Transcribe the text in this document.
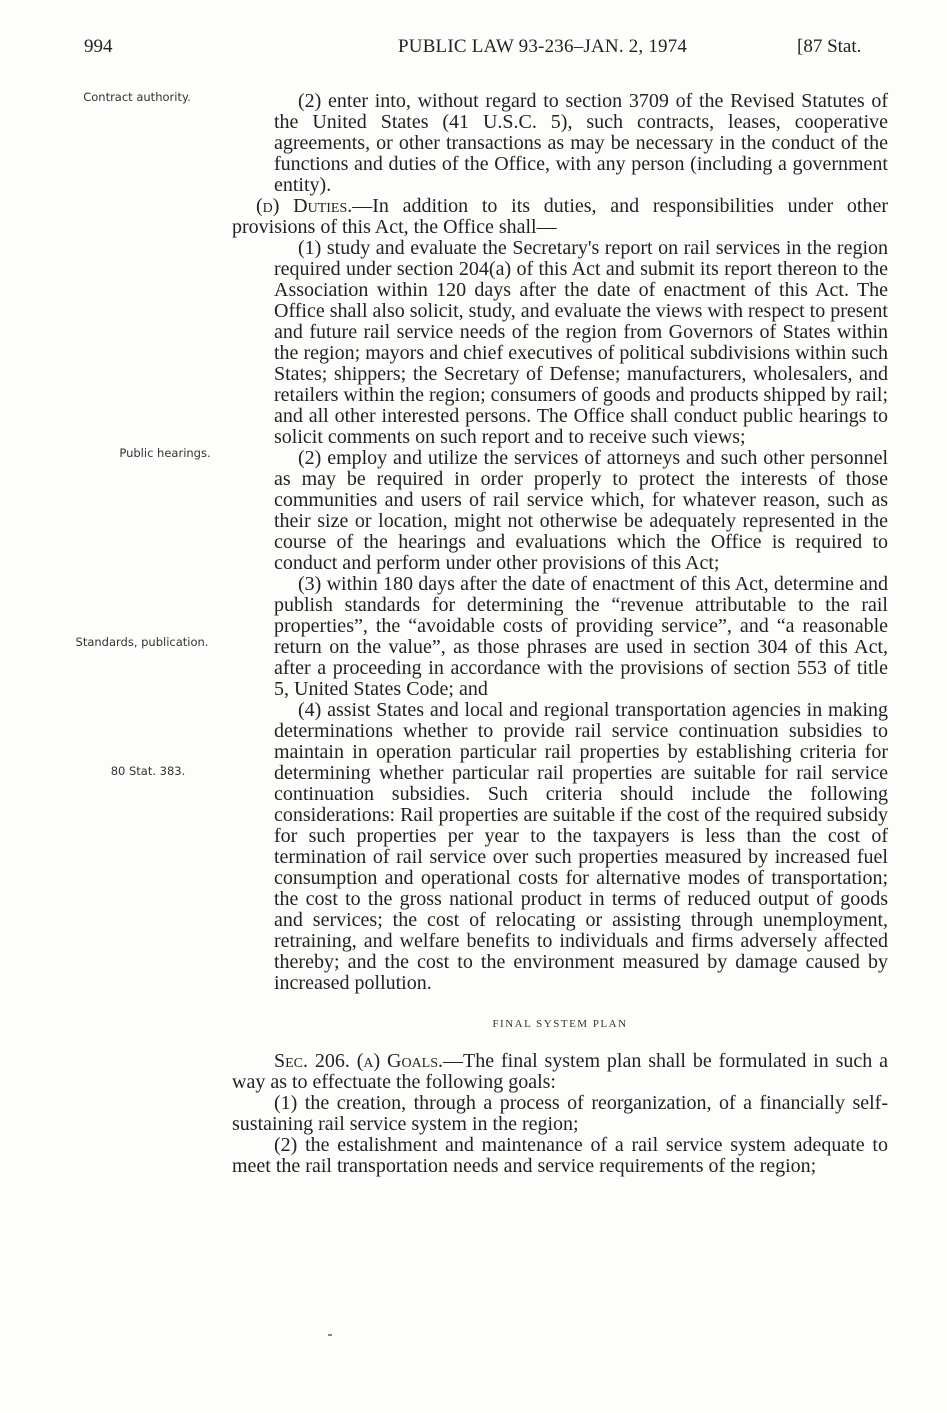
994	PUBLIC LAW 93-236–JAN. 2, 1974	[87 Stat.
Contract authority.
Public hearings.
Standards, publication.
80 Stat. 383.

(2) enter into, without regard to section 3709 of the Revised Statutes of the United States (41 U.S.C. 5), such contracts, leases, cooperative agreements, or other transactions as may be necessary in the conduct of the functions and duties of the Office, with any person (including a government entity).

(d) Duties.—In addition to its duties, and responsibilities under other provisions of this Act, the Office shall—

(1) study and evaluate the Secretary's report on rail services in the region required under section 204(a) of this Act and submit its report thereon to the Association within 120 days after the date of enactment of this Act. The Office shall also solicit, study, and evaluate the views with respect to present and future rail service needs of the region from Governors of States within the region; mayors and chief executives of political subdivisions within such States; shippers; the Secretary of Defense; manufacturers, wholesalers, and retailers within the region; consumers of goods and products shipped by rail; and all other interested persons. The Office shall conduct public hearings to solicit comments on such report and to receive such views;

(2) employ and utilize the services of attorneys and such other personnel as may be required in order properly to protect the interests of those communities and users of rail service which, for whatever reason, such as their size or location, might not otherwise be adequately represented in the course of the hearings and evaluations which the Office is required to conduct and perform under other provisions of this Act;

(3) within 180 days after the date of enactment of this Act, determine and publish standards for determining the “revenue attributable to the rail properties”, the “avoidable costs of providing service”, and “a reasonable return on the value”, as those phrases are used in section 304 of this Act, after a proceeding in accordance with the provisions of section 553 of title 5, United States Code; and

(4) assist States and local and regional transportation agencies in making determinations whether to provide rail service continuation subsidies to maintain in operation particular rail properties by establishing criteria for determining whether particular rail properties are suitable for rail service continuation subsidies. Such criteria should include the following considerations: Rail properties are suitable if the cost of the required subsidy for such properties per year to the taxpayers is less than the cost of termination of rail service over such properties measured by increased fuel consumption and operational costs for alternative modes of transportation; the cost to the gross national product in terms of reduced output of goods and services; the cost of relocating or assisting through unemployment, retraining, and welfare benefits to individuals and firms adversely affected thereby; and the cost to the environment measured by damage caused by increased pollution.

FINAL SYSTEM PLAN

Sec. 206. (a) Goals.—The final system plan shall be formulated in such a way as to effectuate the following goals:

(1) the creation, through a process of reorganization, of a financially self-sustaining rail service system in the region;

(2) the estalishment and maintenance of a rail service system adequate to meet the rail transportation needs and service requirements of the region;
